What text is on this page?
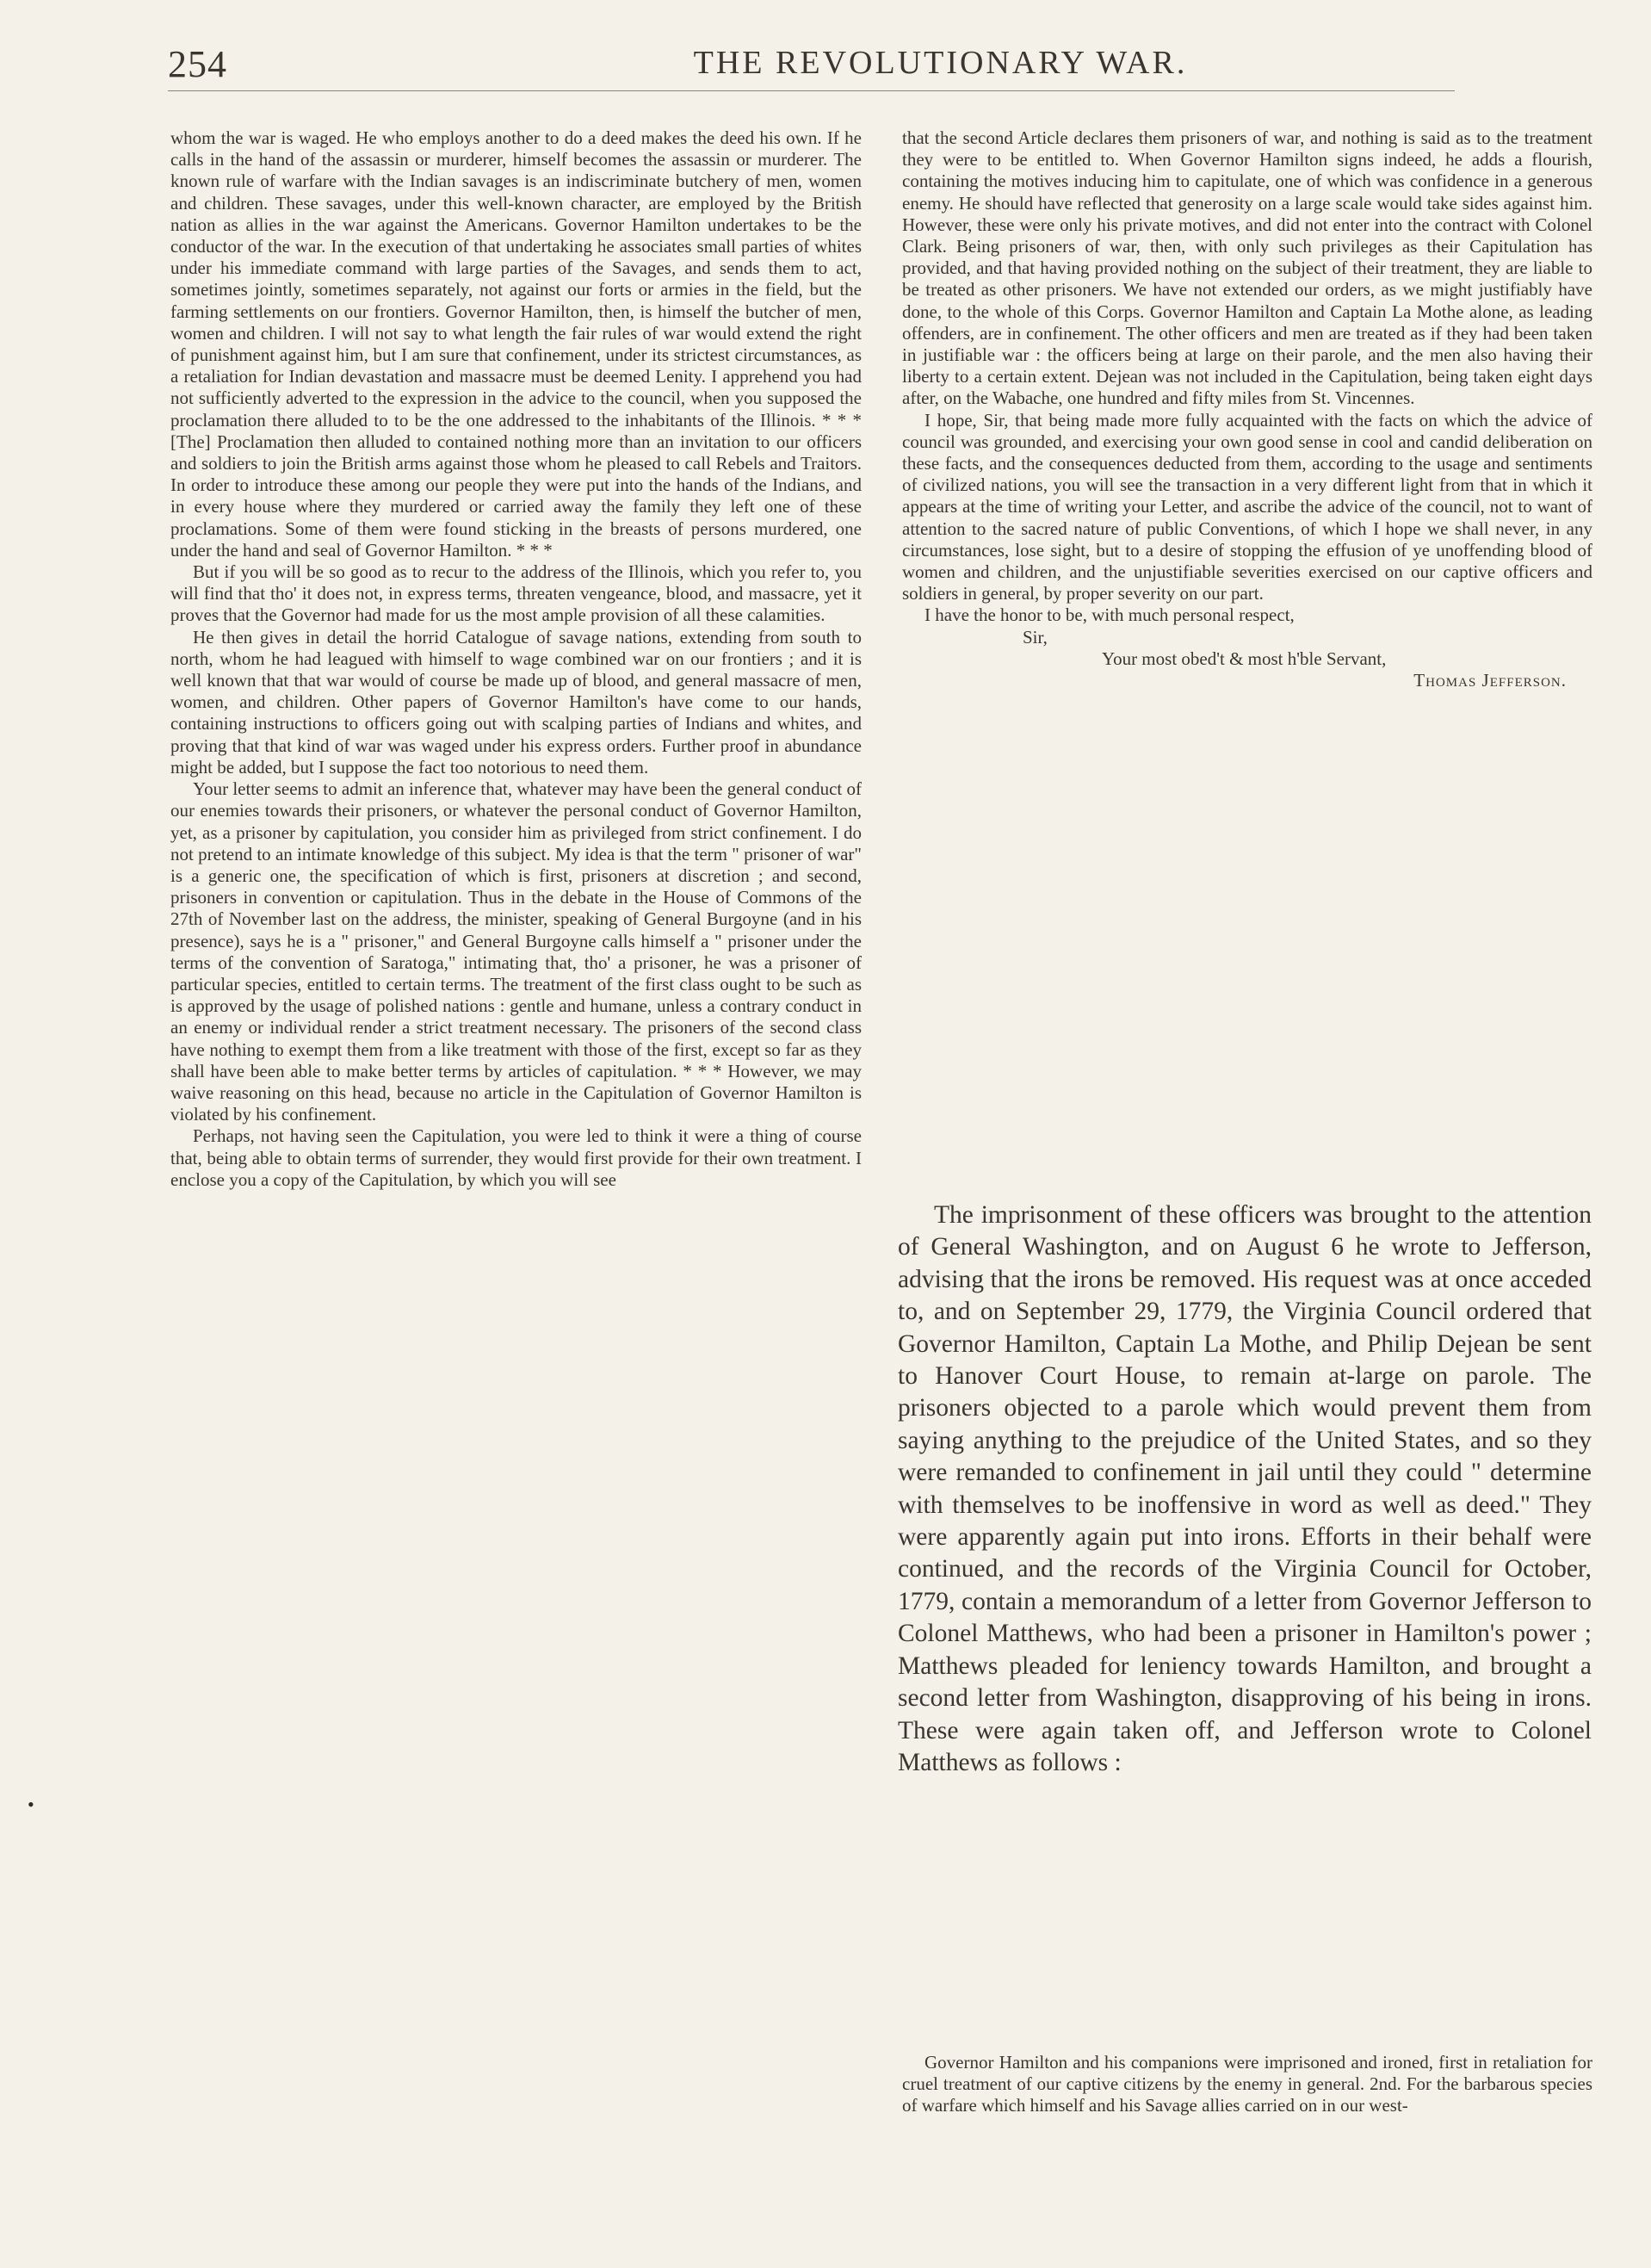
254	THE REVOLUTIONARY WAR.
•

whom the war is waged. He who employs another to do a deed makes the deed his own. If he calls in the hand of the assassin or murderer, himself becomes the assassin or murderer. The known rule of warfare with the Indian savages is an indiscriminate butchery of men, women and children. These savages, under this well-known character, are employed by the British nation as allies in the war against the Americans. Governor Hamilton undertakes to be the conductor of the war. In the execution of that undertaking he associates small parties of whites under his immediate command with large parties of the Savages, and sends them to act, sometimes jointly, sometimes separately, not against our forts or armies in the field, but the farming settlements on our frontiers. Governor Hamilton, then, is himself the butcher of men, women and children. I will not say to what length the fair rules of war would extend the right of punishment against him, but I am sure that confinement, under its strictest circumstances, as a retaliation for Indian devastation and massacre must be deemed Lenity. I apprehend you had not sufficiently adverted to the expression in the advice to the council, when you supposed the proclamation there alluded to to be the one addressed to the inhabitants of the Illinois. * * * [The] Proclamation then alluded to contained nothing more than an invitation to our officers and soldiers to join the British arms against those whom he pleased to call Rebels and Traitors. In order to introduce these among our people they were put into the hands of the Indians, and in every house where they murdered or carried away the family they left one of these proclamations. Some of them were found sticking in the breasts of persons murdered, one under the hand and seal of Governor Hamilton. * * *

But if you will be so good as to recur to the address of the Illinois, which you refer to, you will find that tho' it does not, in express terms, threaten vengeance, blood, and massacre, yet it proves that the Governor had made for us the most ample provision of all these calamities.

He then gives in detail the horrid Catalogue of savage nations, extending from south to north, whom he had leagued with himself to wage combined war on our frontiers ; and it is well known that that war would of course be made up of blood, and general massacre of men, women, and children. Other papers of Governor Hamilton's have come to our hands, containing instructions to officers going out with scalping parties of Indians and whites, and proving that that kind of war was waged under his express orders. Further proof in abundance might be added, but I suppose the fact too notorious to need them.

Your letter seems to admit an inference that, whatever may have been the general conduct of our enemies towards their prisoners, or whatever the personal conduct of Governor Hamilton, yet, as a prisoner by capitulation, you consider him as privileged from strict confinement. I do not pretend to an intimate knowledge of this subject. My idea is that the term " prisoner of war" is a generic one, the specification of which is first, prisoners at discretion ; and second, prisoners in convention or capitulation. Thus in the debate in the House of Commons of the 27th of November last on the address, the minister, speaking of General Burgoyne (and in his presence), says he is a " prisoner," and General Burgoyne calls himself a " prisoner under the terms of the convention of Saratoga," intimating that, tho' a prisoner, he was a prisoner of particular species, entitled to certain terms. The treatment of the first class ought to be such as is approved by the usage of polished nations : gentle and humane, unless a contrary conduct in an enemy or individual render a strict treatment necessary. The prisoners of the second class have nothing to exempt them from a like treatment with those of the first, except so far as they shall have been able to make better terms by articles of capitulation. * * * However, we may waive reasoning on this head, because no article in the Capitulation of Governor Hamilton is violated by his confinement.

Perhaps, not having seen the Capitulation, you were led to think it were a thing of course that, being able to obtain terms of surrender, they would first provide for their own treatment. I enclose you a copy of the Capitulation, by which you will see

that the second Article declares them prisoners of war, and nothing is said as to the treatment they were to be entitled to. When Governor Hamilton signs indeed, he adds a flourish, containing the motives inducing him to capitulate, one of which was confidence in a generous enemy. He should have reflected that generosity on a large scale would take sides against him. However, these were only his private motives, and did not enter into the contract with Colonel Clark. Being prisoners of war, then, with only such privileges as their Capitulation has provided, and that having provided nothing on the subject of their treatment, they are liable to be treated as other prisoners. We have not extended our orders, as we might justifiably have done, to the whole of this Corps. Governor Hamilton and Captain La Mothe alone, as leading offenders, are in confinement. The other officers and men are treated as if they had been taken in justifiable war : the officers being at large on their parole, and the men also having their liberty to a certain extent. Dejean was not included in the Capitulation, being taken eight days after, on the Wabache, one hundred and fifty miles from St. Vincennes.

I hope, Sir, that being made more fully acquainted with the facts on which the advice of council was grounded, and exercising your own good sense in cool and candid deliberation on these facts, and the consequences deducted from them, according to the usage and sentiments of civilized nations, you will see the transaction in a very different light from that in which it appears at the time of writing your Letter, and ascribe the advice of the council, not to want of attention to the sacred nature of public Conventions, of which I hope we shall never, in any circumstances, lose sight, but to a desire of stopping the effusion of ye unoffending blood of women and children, and the unjustifiable severities exercised on our captive officers and soldiers in general, by proper severity on our part.

I have the honor to be, with much personal respect,

Sir,

Your most obed't & most h'ble Servant,

Thomas Jefferson.

The imprisonment of these officers was brought to the attention of General Washington, and on August 6 he wrote to Jefferson, advising that the irons be removed. His request was at once acceded to, and on September 29, 1779, the Virginia Council ordered that Governor Hamilton, Captain La Mothe, and Philip Dejean be sent to Hanover Court House, to remain at-large on parole. The prisoners objected to a parole which would prevent them from saying anything to the prejudice of the United States, and so they were remanded to confinement in jail until they could " determine with themselves to be inoffensive in word as well as deed." They were apparently again put into irons. Efforts in their behalf were continued, and the records of the Virginia Council for October, 1779, contain a memorandum of a letter from Governor Jefferson to Colonel Matthews, who had been a prisoner in Hamilton's power ; Matthews pleaded for leniency towards Hamilton, and brought a second letter from Washington, disapproving of his being in irons. These were again taken off, and Jefferson wrote to Colonel Matthews as follows :

Governor Hamilton and his companions were imprisoned and ironed, first in retaliation for cruel treatment of our captive citizens by the enemy in general. 2nd. For the barbarous species of warfare which himself and his Savage allies carried on in our west-
